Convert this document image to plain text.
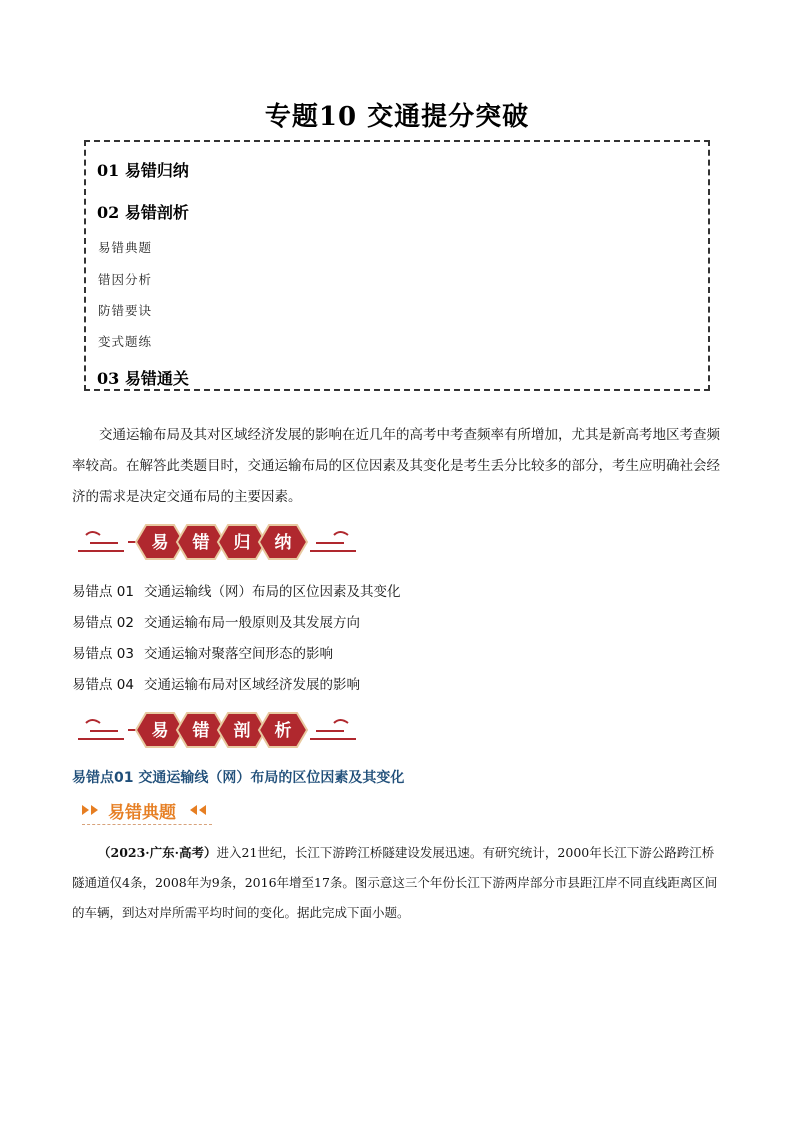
专题10 交通提分突破
01 易错归纳
02 易错剖析
易错典题
错因分析
防错要诀
变式题练
03 易错通关
交通运输布局及其对区域经济发展的影响在近几年的高考中考查频率有所增加，尤其是新高考地区考查频率较高。在解答此类题目时，交通运输布局的区位因素及其变化是考生丢分比较多的部分，考生应明确社会经济的需求是决定交通布局的主要因素。
易 错 归 纳
易错点 01 交通运输线（网）布局的区位因素及其变化
易错点 02 交通运输布局一般原则及其发展方向
易错点 03 交通运输对聚落空间形态的影响
易错点 04 交通运输布局对区域经济发展的影响
易 错 剖 析
易错点01 交通运输线（网）布局的区位因素及其变化
易错典题
（2023·广东·高考）进入21世纪，长江下游跨江桥隧建设发展迅速。有研究统计，2000年长江下游公路跨江桥隧通道仅4条，2008年为9条，2016年增至17条。图示意这三个年份长江下游两岸部分市县距江岸不同直线距离区间的车辆，到达对岸所需平均时间的变化。据此完成下面小题。
